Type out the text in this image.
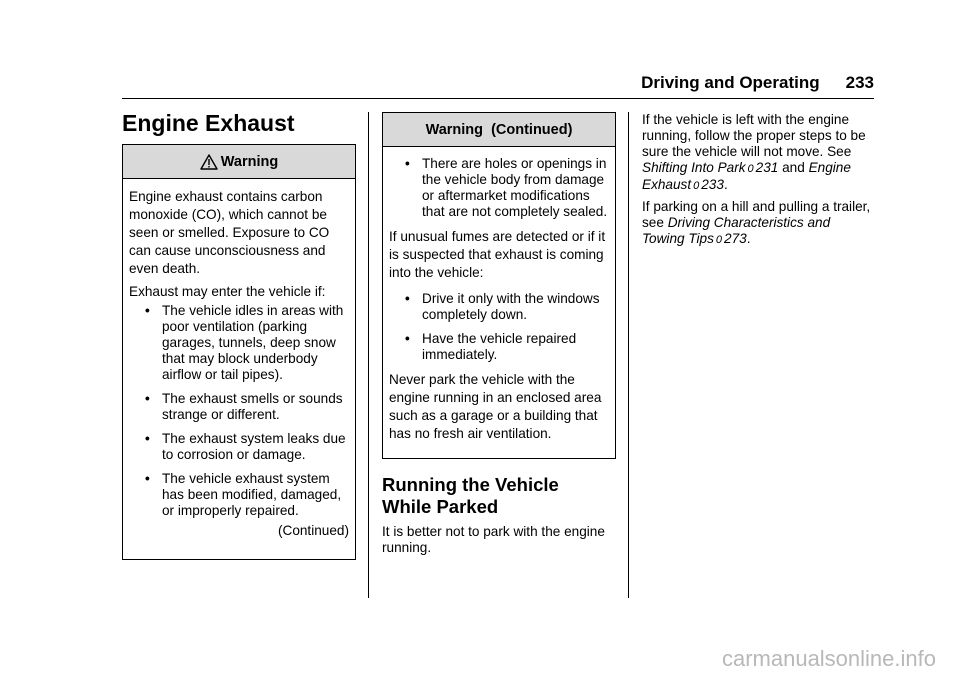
Driving and Operating 233
Engine Exhaust
Warning

Engine exhaust contains carbon monoxide (CO), which cannot be seen or smelled. Exposure to CO can cause unconsciousness and even death.

Exhaust may enter the vehicle if:

• The vehicle idles in areas with poor ventilation (parking garages, tunnels, deep snow that may block underbody airflow or tail pipes).
• The exhaust smells or sounds strange or different.
• The exhaust system leaks due to corrosion or damage.
• The vehicle exhaust system has been modified, damaged, or improperly repaired.

(Continued)

Warning  (Continued)
• There are holes or openings in the vehicle body from damage or aftermarket modifications that are not completely sealed.

If unusual fumes are detected or if it is suspected that exhaust is coming into the vehicle:

• Drive it only with the windows completely down.
• Have the vehicle repaired immediately.

Never park the vehicle with the engine running in an enclosed area such as a garage or a building that has no fresh air ventilation.

Running the Vehicle
While Parked

It is better not to park with the engine running.

If the vehicle is left with the engine running, follow the proper steps to be sure the vehicle will not move. See Shifting Into Park 0 231 and Engine Exhaust 0 233.

If parking on a hill and pulling a trailer, see Driving Characteristics and Towing Tips 0 273.

carmanualsonline.info
